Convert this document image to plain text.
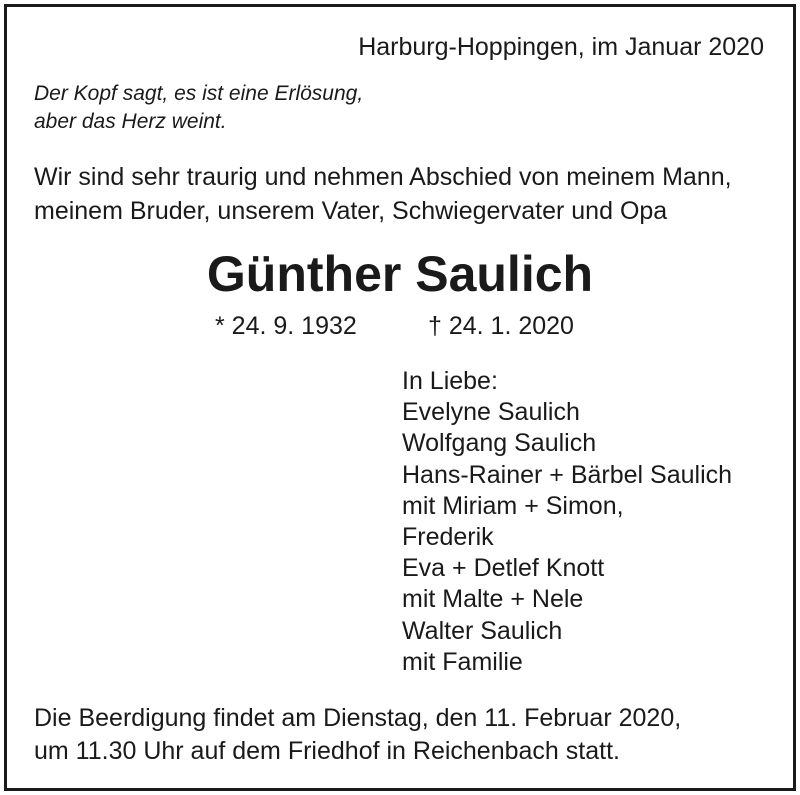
Harburg-Hoppingen, im Januar 2020
Der Kopf sagt, es ist eine Erlösung,
aber das Herz weint.
Wir sind sehr traurig und nehmen Abschied von meinem Mann,
meinem Bruder, unserem Vater, Schwiegervater und Opa
Günther Saulich
* 24. 9. 1932	† 24. 1. 2020
In Liebe:
Evelyne Saulich
Wolfgang Saulich
Hans-Rainer + Bärbel Saulich
mit Miriam + Simon,
Frederik
Eva + Detlef Knott
mit Malte + Nele
Walter Saulich
mit Familie
Die Beerdigung findet am Dienstag, den 11. Februar 2020,
um 11.30 Uhr auf dem Friedhof in Reichenbach statt.
